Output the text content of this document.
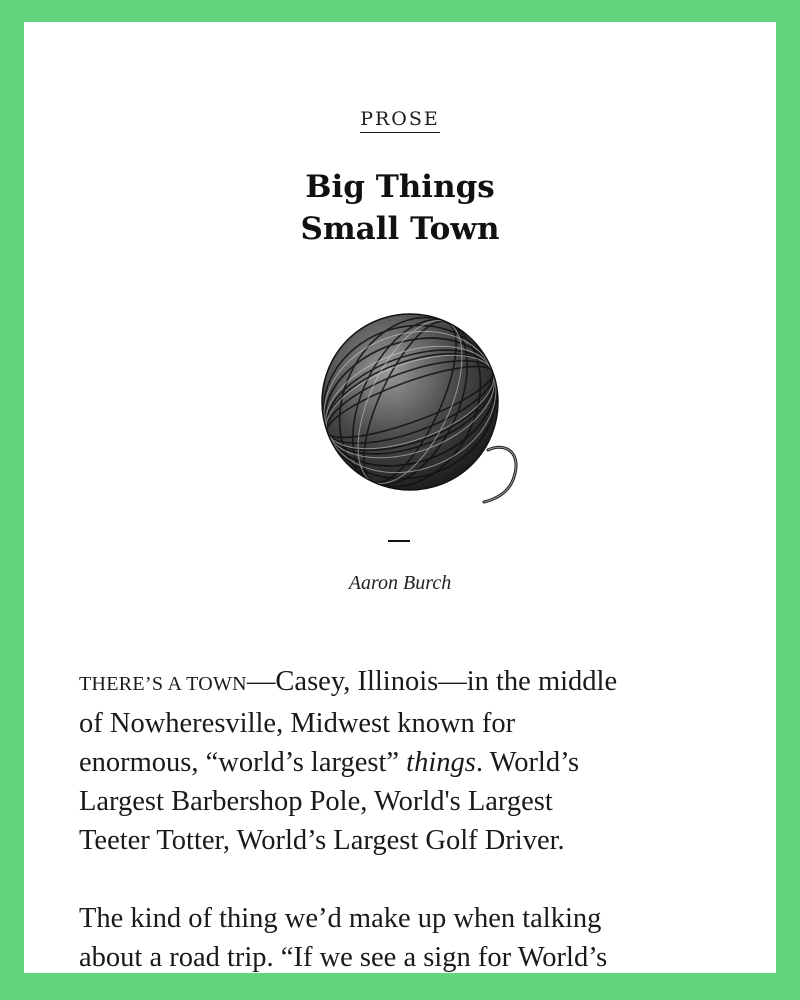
PROSE
Big Things
Small Town
Aaron Burch

THERE’S A TOWN—Casey, Illinois—in the middle
of Nowheresville, Midwest known for
enormous, “world’s largest” things. World’s
Largest Barbershop Pole, World's Largest
Teeter Totter, World’s Largest Golf Driver.

The kind of thing we’d make up when talking
about a road trip. “If we see a sign for World’s
